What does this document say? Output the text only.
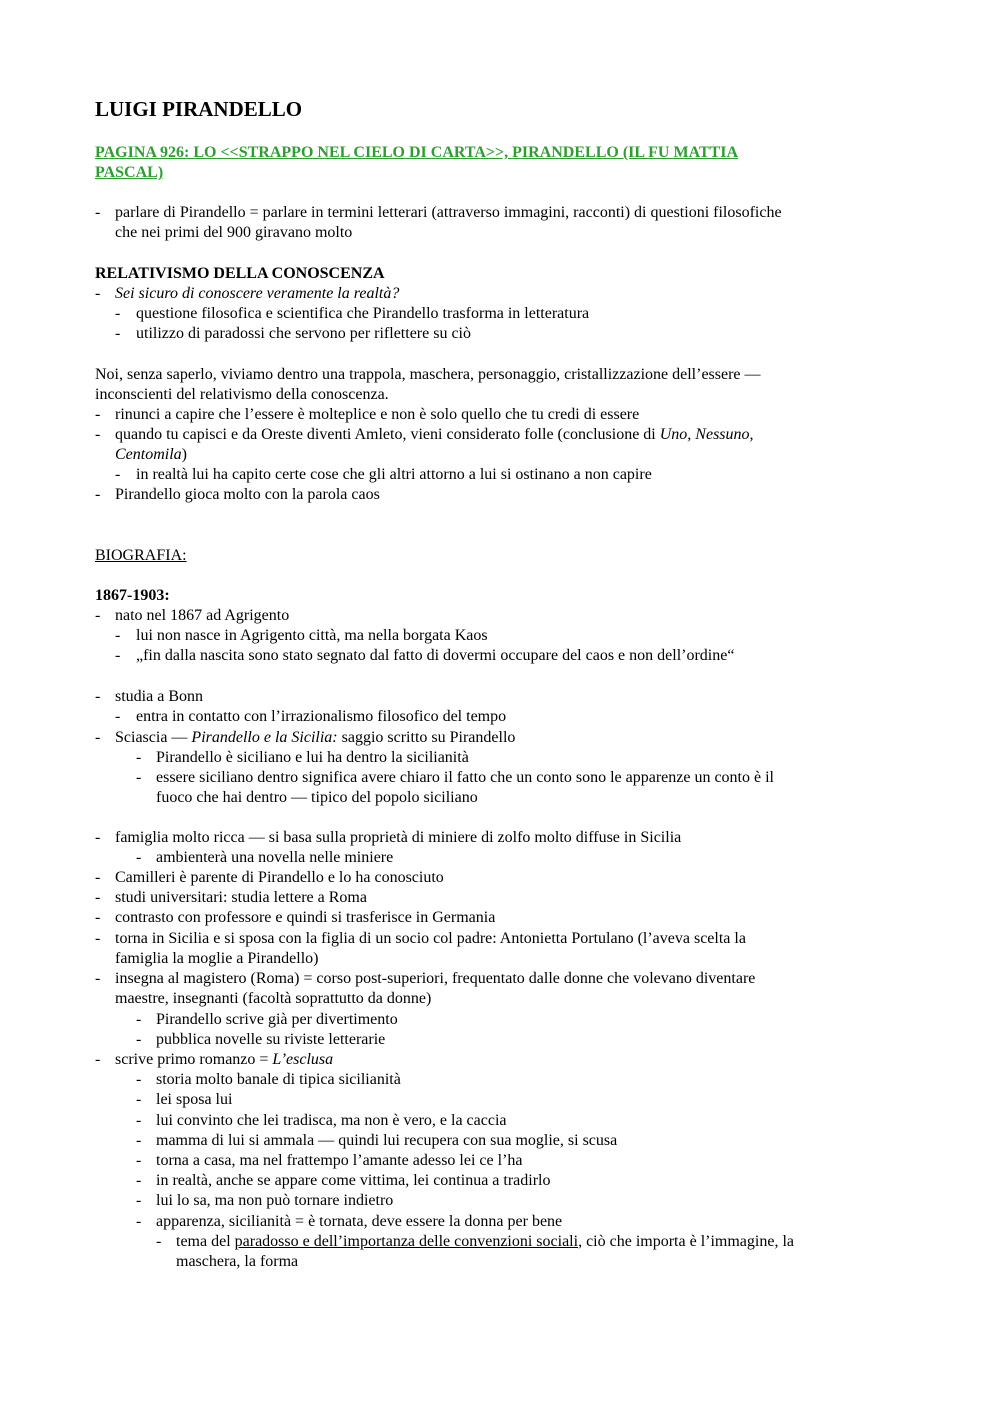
LUIGI PIRANDELLO
PAGINA 926: LO <<STRAPPO NEL CIELO DI CARTA>>, PIRANDELLO (IL FU MATTIA
PASCAL)
- parlare di Pirandello = parlare in termini letterari (attraverso immagini, racconti) di questioni filosofiche
che nei primi del 900 giravano molto
RELATIVISMO DELLA CONOSCENZA
- Sei sicuro di conoscere veramente la realtà?
- questione filosofica e scientifica che Pirandello trasforma in letteratura
- utilizzo di paradossi che servono per riflettere su ciò
Noi, senza saperlo, viviamo dentro una trappola, maschera, personaggio, cristallizzazione dell’essere —
inconscienti del relativismo della conoscenza.
- rinunci a capire che l’essere è molteplice e non è solo quello che tu credi di essere
- quando tu capisci e da Oreste diventi Amleto, vieni considerato folle (conclusione di Uno, Nessuno,
Centomila)
- in realtà lui ha capito certe cose che gli altri attorno a lui si ostinano a non capire
- Pirandello gioca molto con la parola caos
BIOGRAFIA:
1867-1903:
- nato nel 1867 ad Agrigento
- lui non nasce in Agrigento città, ma nella borgata Kaos
- „fin dalla nascita sono stato segnato dal fatto di dovermi occupare del caos e non dell’ordine“
- studia a Bonn
- entra in contatto con l’irrazionalismo filosofico del tempo
- Sciascia — Pirandello e la Sicilia: saggio scritto su Pirandello
- Pirandello è siciliano e lui ha dentro la sicilianità
- essere siciliano dentro significa avere chiaro il fatto che un conto sono le apparenze un conto è il
fuoco che hai dentro — tipico del popolo siciliano
- famiglia molto ricca — si basa sulla proprietà di miniere di zolfo molto diffuse in Sicilia
- ambienterà una novella nelle miniere
- Camilleri è parente di Pirandello e lo ha conosciuto
- studi universitari: studia lettere a Roma
- contrasto con professore e quindi si trasferisce in Germania
- torna in Sicilia e si sposa con la figlia di un socio col padre: Antonietta Portulano (l’aveva scelta la
famiglia la moglie a Pirandello)
- insegna al magistero (Roma) = corso post-superiori, frequentato dalle donne che volevano diventare
maestre, insegnanti (facoltà soprattutto da donne)
- Pirandello scrive già per divertimento
- pubblica novelle su riviste letterarie
- scrive primo romanzo = L’esclusa
- storia molto banale di tipica sicilianità
- lei sposa lui
- lui convinto che lei tradisca, ma non è vero, e la caccia
- mamma di lui si ammala — quindi lui recupera con sua moglie, si scusa
- torna a casa, ma nel frattempo l’amante adesso lei ce l’ha
- in realtà, anche se appare come vittima, lei continua a tradirlo
- lui lo sa, ma non può tornare indietro
- apparenza, sicilianità = è tornata, deve essere la donna per bene
- tema del paradosso e dell’importanza delle convenzioni sociali, ciò che importa è l’immagine, la
maschera, la forma
